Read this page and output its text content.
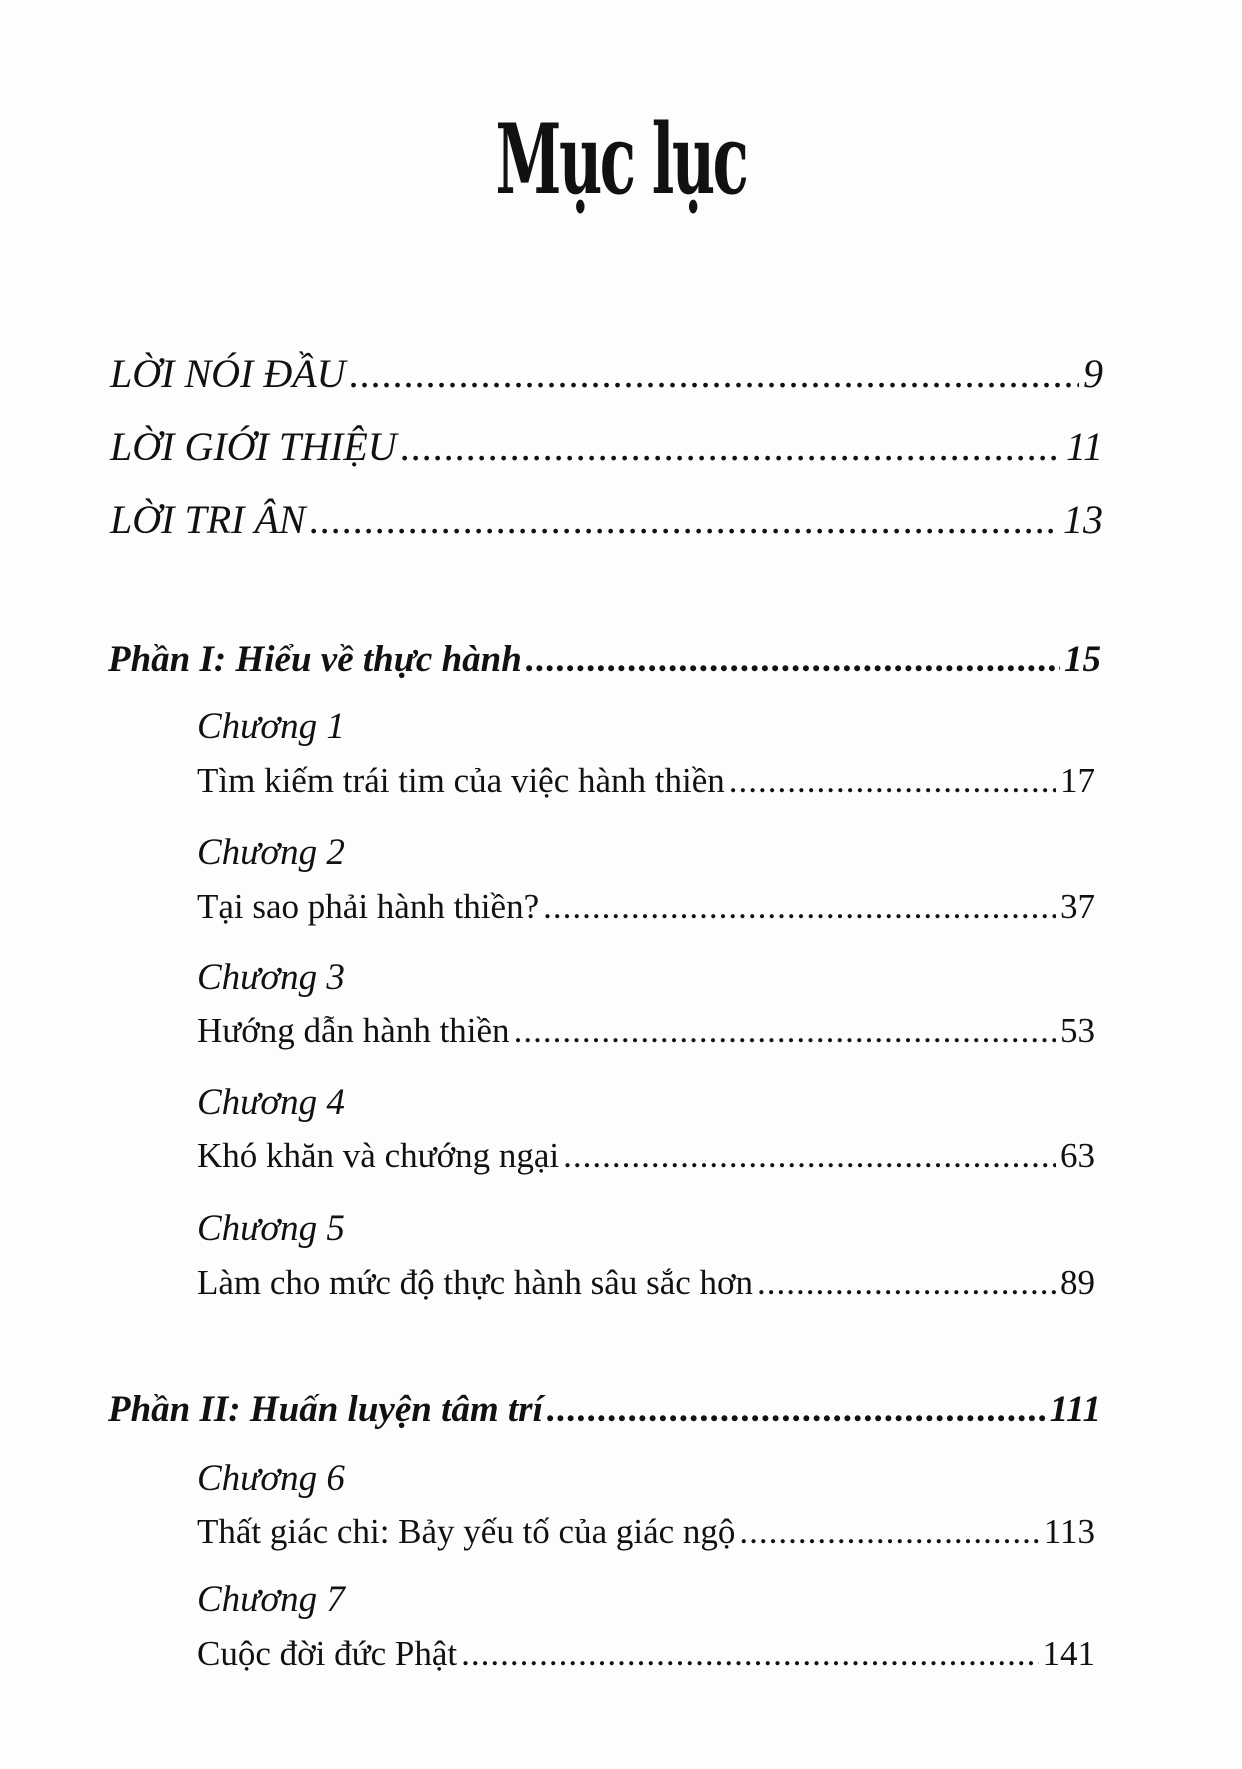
Mục lục
LỜI NÓI ĐẦU .....	9
LỜI GIỚI THIỆU .....	11
LỜI TRI ÂN .....	13
Phần I: Hiểu về thực hành .....	15
Chương 1
Tìm kiếm trái tim của việc hành thiền .....	17
Chương 2
Tại sao phải hành thiền? .....	37
Chương 3
Hướng dẫn hành thiền .....	53
Chương 4
Khó khăn và chướng ngại .....	63
Chương 5
Làm cho mức độ thực hành sâu sắc hơn .....	89
Phần II: Huấn luyện tâm trí .....	111
Chương 6
Thất giác chi: Bảy yếu tố của giác ngộ .....	113
Chương 7
Cuộc đời đức Phật .....	141
